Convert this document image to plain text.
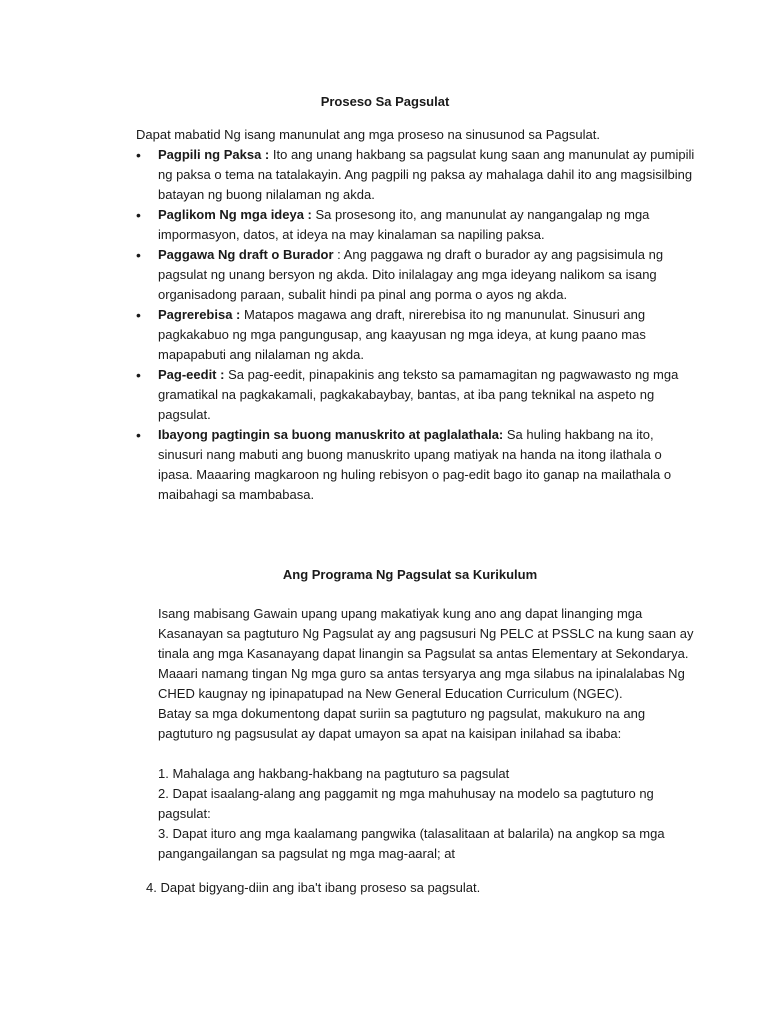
Proseso Sa Pagsulat

Dapat mabatid Ng isang manunulat ang mga proseso na sinusunod sa Pagsulat.

• Pagpili ng Paksa : Ito ang unang hakbang sa pagsulat kung saan ang manunulat ay pumipili ng paksa o tema na tatalakayin. Ang pagpili ng paksa ay mahalaga dahil ito ang magsisilbing batayan ng buong nilalaman ng akda.
• Paglikom Ng mga ideya : Sa prosesong ito, ang manunulat ay nangangalap ng mga impormasyon, datos, at ideya na may kinalaman sa napiling paksa.
• Paggawa Ng draft o Burador : Ang paggawa ng draft o burador ay ang pagsisimula ng pagsulat ng unang bersyon ng akda. Dito inilalagay ang mga ideyang nalikom sa isang organisadong paraan, subalit hindi pa pinal ang porma o ayos ng akda.
• Pagrerebisa : Matapos magawa ang draft, nirerebisa ito ng manunulat. Sinusuri ang pagkakabuo ng mga pangungusap, ang kaayusan ng mga ideya, at kung paano mas mapapabuti ang nilalaman ng akda.
• Pag-eedit : Sa pag-eedit, pinapakinis ang teksto sa pamamagitan ng pagwawasto ng mga gramatikal na pagkakamali, pagkakabaybay, bantas, at iba pang teknikal na aspeto ng pagsulat.
• Ibayong pagtingin sa buong manuskrito at paglalathala: Sa huling hakbang na ito, sinusuri nang mabuti ang buong manuskrito upang matiyak na handa na itong ilathala o ipasa. Maaaring magkaroon ng huling rebisyon o pag-edit bago ito ganap na mailathala o maibahagi sa mambabasa.
Ang Programa Ng Pagsulat sa Kurikulum

Isang mabisang Gawain upang upang makatiyak kung ano ang dapat linanging mga Kasanayan sa pagtuturo Ng Pagsulat ay ang pagsusuri Ng PELC at PSSLC na kung saan ay tinala ang mga Kasanayang dapat linangin sa Pagsulat sa antas Elementary at Sekondarya. Maaari namang tingan Ng mga guro sa antas tersyarya ang mga silabus na ipinalalabas Ng CHED kaugnay ng ipinapatupad na New General Education Curriculum (NGEC).

Batay sa mga dokumentong dapat suriin sa pagtuturo ng pagsulat, makukuro na ang pagtuturo ng pagsusulat ay dapat umayon sa apat na kaisipan inilahad sa ibaba:

1. Mahalaga ang hakbang-hakbang na pagtuturo sa pagsulat
2. Dapat isaalang-alang ang paggamit ng mga mahuhusay na modelo sa pagtuturo ng pagsulat:
3. Dapat ituro ang mga kaalamang pangwika (talasalitaan at balarila) na angkop sa mga pangangailangan sa pagsulat ng mga mag-aaral; at

4. Dapat bigyang-diin ang iba't ibang proseso sa pagsulat.
